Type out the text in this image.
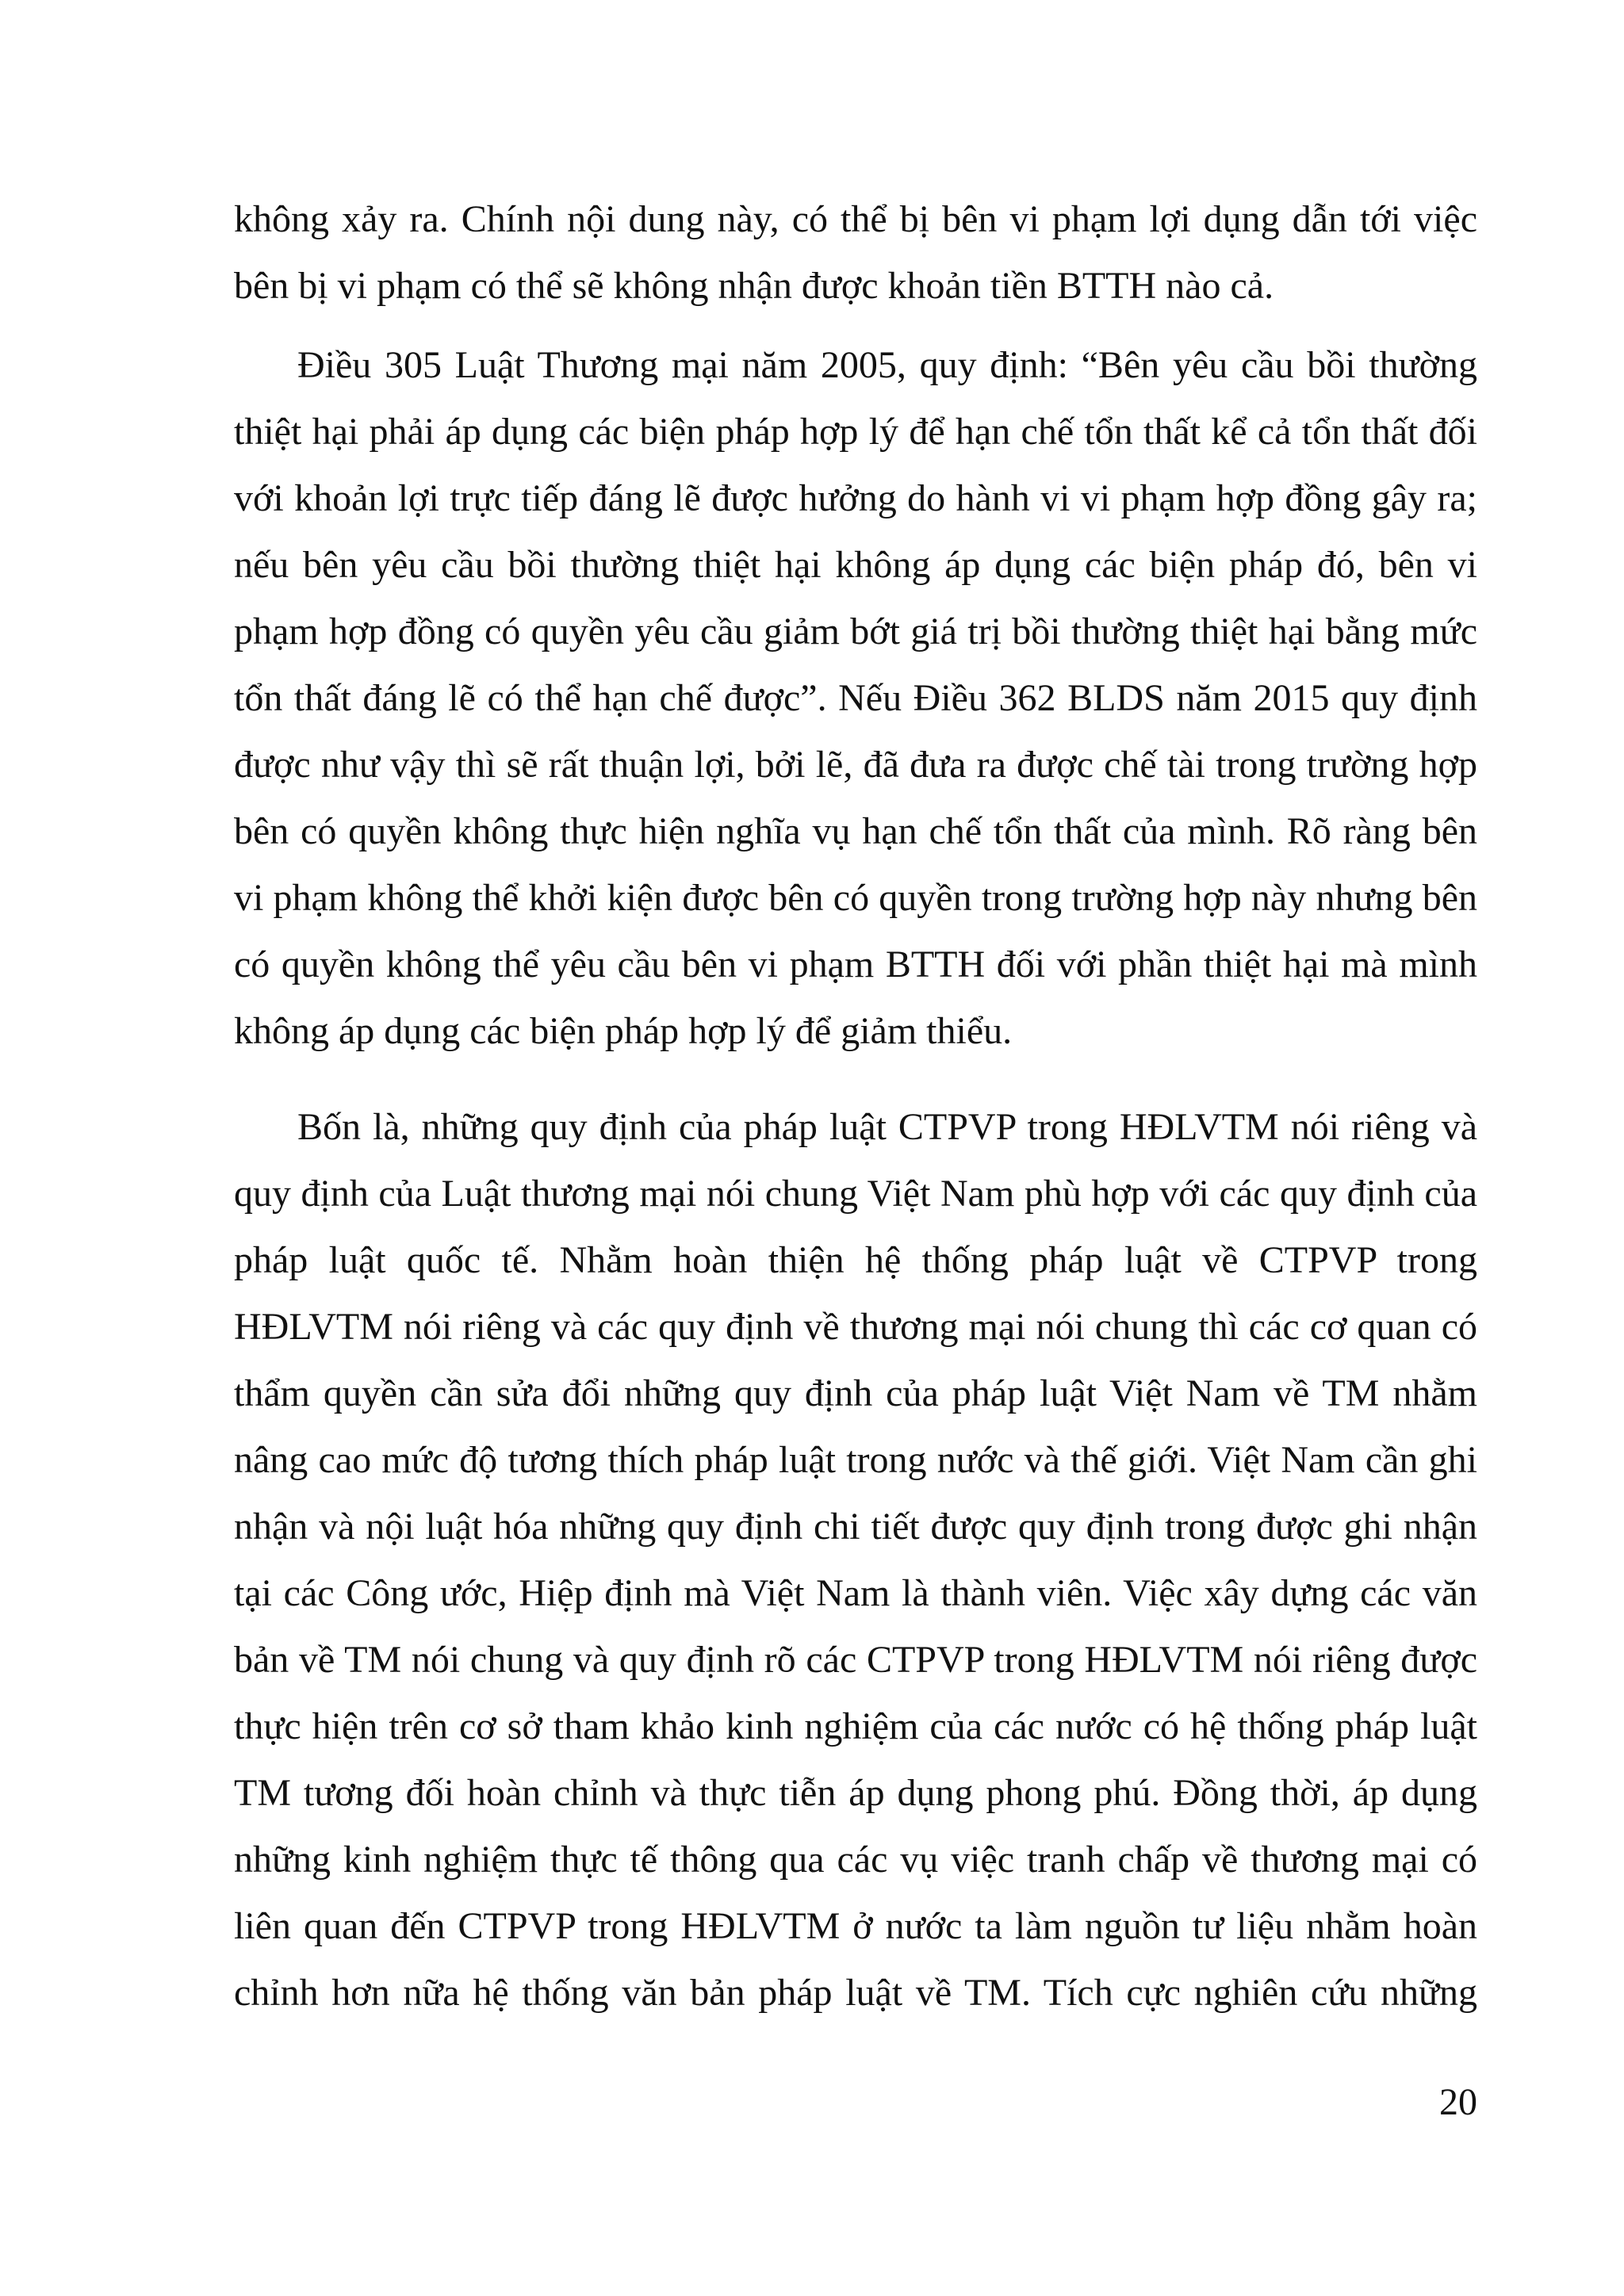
không xảy ra. Chính nội dung này, có thể bị bên vi phạm lợi dụng dẫn tới việc
bên bị vi phạm có thể sẽ không nhận được khoản tiền BTTH nào cả.
Điều 305 Luật Thương mại năm 2005, quy định: “Bên yêu cầu bồi thường
thiệt hại phải áp dụng các biện pháp hợp lý để hạn chế tổn thất kể cả tổn thất đối
với khoản lợi trực tiếp đáng lẽ được hưởng do hành vi vi phạm hợp đồng gây ra;
nếu bên yêu cầu bồi thường thiệt hại không áp dụng các biện pháp đó, bên vi
phạm hợp đồng có quyền yêu cầu giảm bớt giá trị bồi thường thiệt hại bằng mức
tổn thất đáng lẽ có thể hạn chế được”. Nếu Điều 362 BLDS năm 2015 quy định
được như vậy thì sẽ rất thuận lợi, bởi lẽ, đã đưa ra được chế tài trong trường hợp
bên có quyền không thực hiện nghĩa vụ hạn chế tổn thất của mình. Rõ ràng bên
vi phạm không thể khởi kiện được bên có quyền trong trường hợp này nhưng bên
có quyền không thể yêu cầu bên vi phạm BTTH đối với phần thiệt hại mà mình
không áp dụng các biện pháp hợp lý để giảm thiểu.
Bốn là, những quy định của pháp luật CTPVP trong HĐLVTM nói riêng và
quy định của Luật thương mại nói chung Việt Nam phù hợp với các quy định của
pháp luật quốc tế. Nhằm hoàn thiện hệ thống pháp luật về CTPVP trong
HĐLVTM nói riêng và các quy định về thương mại nói chung thì các cơ quan có
thẩm quyền cần sửa đổi những quy định của pháp luật Việt Nam về TM nhằm
nâng cao mức độ tương thích pháp luật trong nước và thế giới. Việt Nam cần ghi
nhận và nội luật hóa những quy định chi tiết được quy định trong được ghi nhận
tại các Công ước, Hiệp định mà Việt Nam là thành viên. Việc xây dựng các văn
bản về TM nói chung và quy định rõ các CTPVP trong HĐLVTM nói riêng được
thực hiện trên cơ sở tham khảo kinh nghiệm của các nước có hệ thống pháp luật
TM tương đối hoàn chỉnh và thực tiễn áp dụng phong phú. Đồng thời, áp dụng
những kinh nghiệm thực tế thông qua các vụ việc tranh chấp về thương mại có
liên quan đến CTPVP trong HĐLVTM ở nước ta làm nguồn tư liệu nhằm hoàn
chỉnh hơn nữa hệ thống văn bản pháp luật về TM. Tích cực nghiên cứu những
20
